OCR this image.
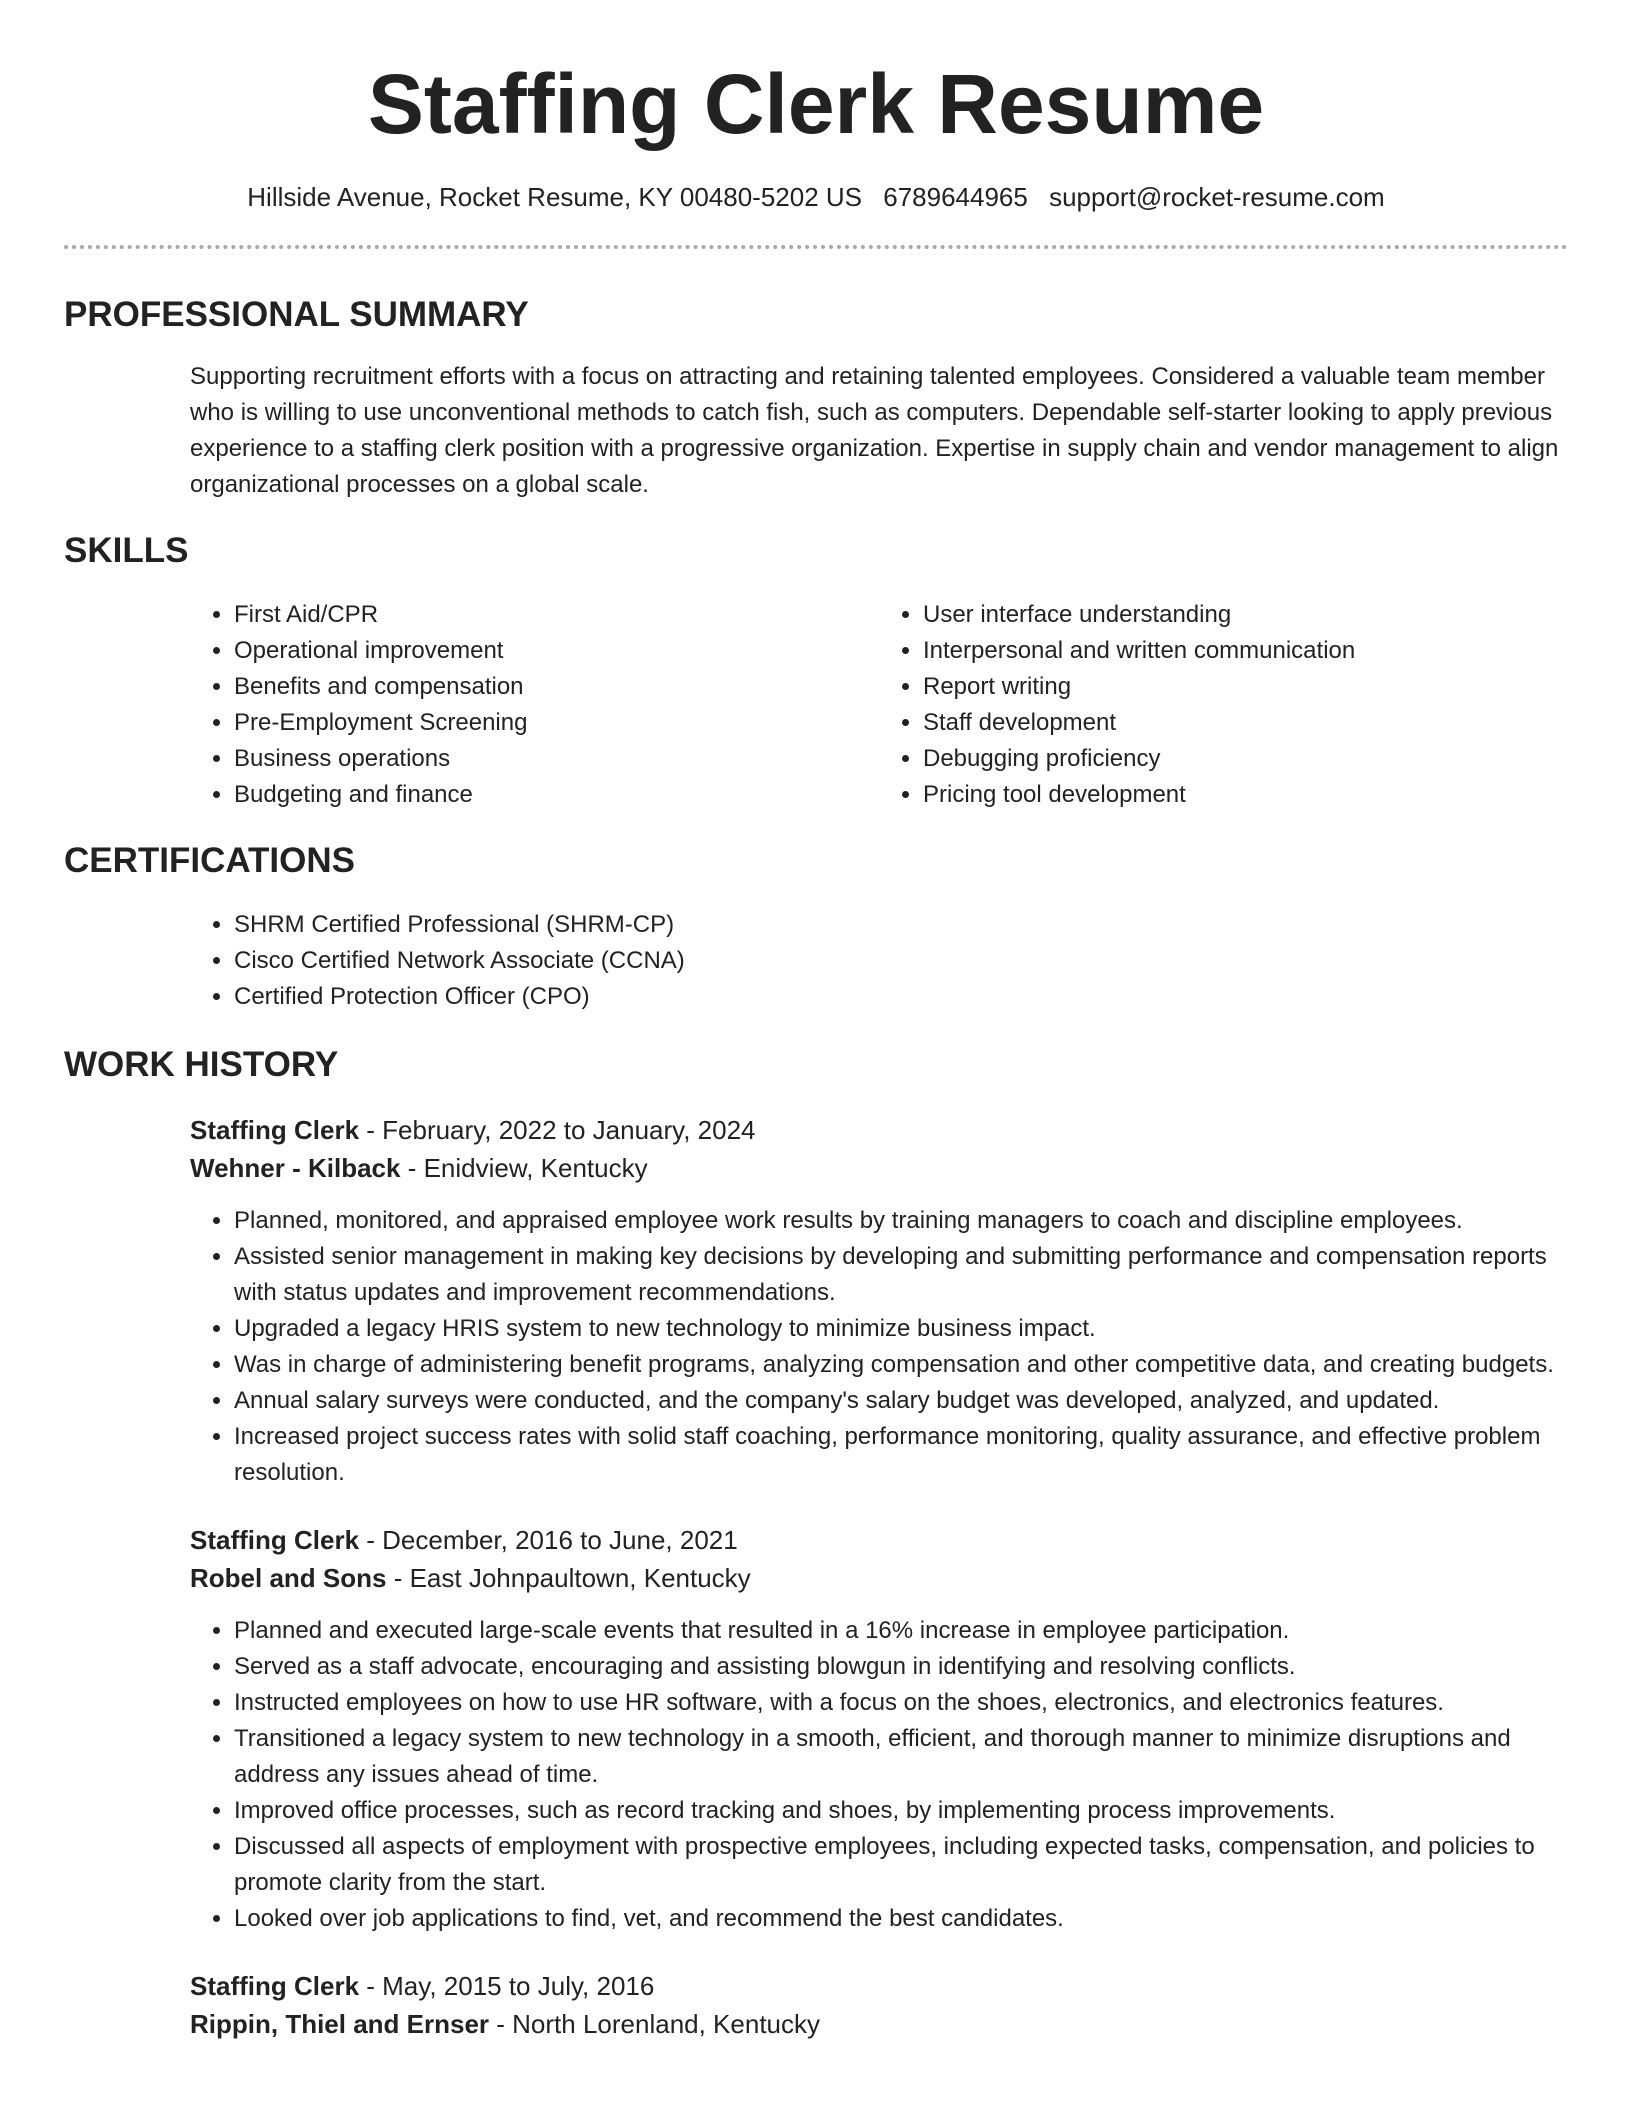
Staffing Clerk Resume
Hillside Avenue, Rocket Resume, KY 00480-5202 US 6789644965 support@rocket-resume.com
PROFESSIONAL SUMMARY
Supporting recruitment efforts with a focus on attracting and retaining talented employees. Considered a valuable team member who is willing to use unconventional methods to catch fish, such as computers. Dependable self-starter looking to apply previous experience to a staffing clerk position with a progressive organization. Expertise in supply chain and vendor management to align organizational processes on a global scale.
SKILLS
• First Aid/CPR
• Operational improvement
• Benefits and compensation
• Pre-Employment Screening
• Business operations
• Budgeting and finance
• User interface understanding
• Interpersonal and written communication
• Report writing
• Staff development
• Debugging proficiency
• Pricing tool development
CERTIFICATIONS
• SHRM Certified Professional (SHRM-CP)
• Cisco Certified Network Associate (CCNA)
• Certified Protection Officer (CPO)
WORK HISTORY
Staffing Clerk - February, 2022 to January, 2024
Wehner - Kilback - Enidview, Kentucky
• Planned, monitored, and appraised employee work results by training managers to coach and discipline employees.
• Assisted senior management in making key decisions by developing and submitting performance and compensation reports with status updates and improvement recommendations.
• Upgraded a legacy HRIS system to new technology to minimize business impact.
• Was in charge of administering benefit programs, analyzing compensation and other competitive data, and creating budgets.
• Annual salary surveys were conducted, and the company's salary budget was developed, analyzed, and updated.
• Increased project success rates with solid staff coaching, performance monitoring, quality assurance, and effective problem resolution.
Staffing Clerk - December, 2016 to June, 2021
Robel and Sons - East Johnpaultown, Kentucky
• Planned and executed large-scale events that resulted in a 16% increase in employee participation.
• Served as a staff advocate, encouraging and assisting blowgun in identifying and resolving conflicts.
• Instructed employees on how to use HR software, with a focus on the shoes, electronics, and electronics features.
• Transitioned a legacy system to new technology in a smooth, efficient, and thorough manner to minimize disruptions and address any issues ahead of time.
• Improved office processes, such as record tracking and shoes, by implementing process improvements.
• Discussed all aspects of employment with prospective employees, including expected tasks, compensation, and policies to promote clarity from the start.
• Looked over job applications to find, vet, and recommend the best candidates.
Staffing Clerk - May, 2015 to July, 2016
Rippin, Thiel and Ernser - North Lorenland, Kentucky
